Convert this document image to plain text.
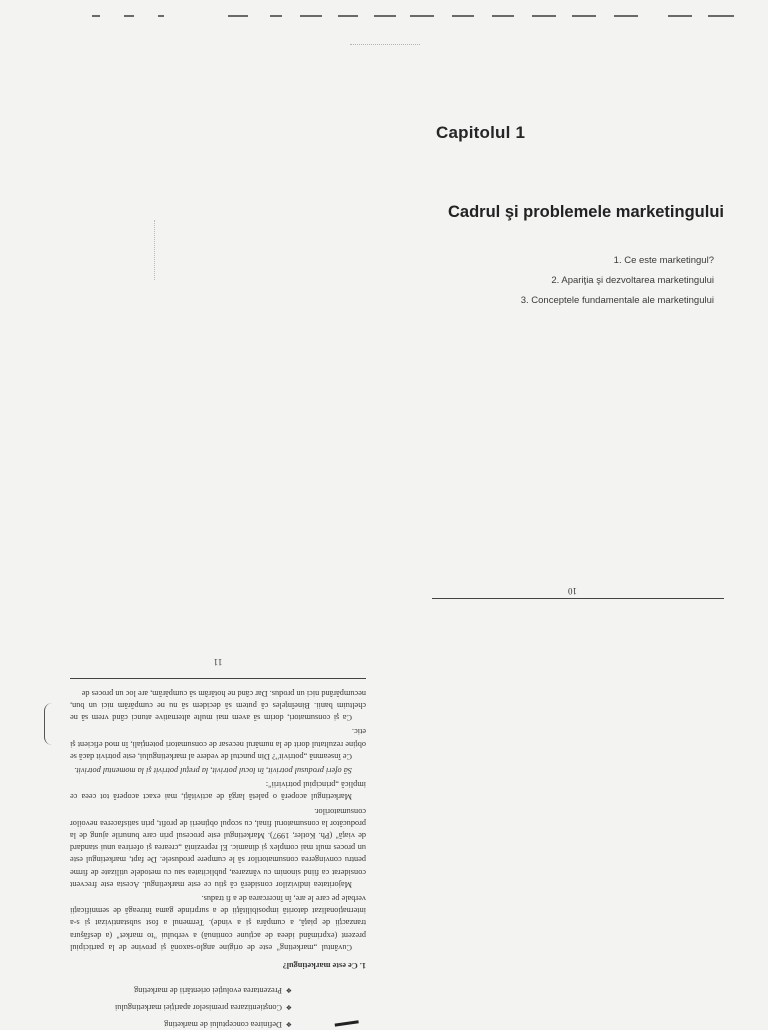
Capitolul 1
Cadrul şi problemele marketingului
1. Ce este marketingul?
2. Apariţia şi dezvoltarea marketingului
3. Conceptele fundamentale ale marketingului
10
❖ Definirea conceptului de marketing
❖ Conştientizarea premiselor apariţiei marketingului
❖ Prezentarea evoluţiei orientării de marketing
1. Ce este marketingul?

Cuvântul „marketing" este de origine anglo-saxonă şi provine de la participiul prezent (exprimând ideea de acţiune continuă) a verbului "to market" (a desfăşura tranzacţii de piaţă, a cumpăra şi a vinde). Termenul a fost substantivizat şi s-a internaţionalizat datorită imposibilităţii de a surprinde gama întreagă de semnificaţii verbale pe care le are, în încercarea de a fi tradus.

Majoritatea indivizilor consideră că ştiu ce este marketingul. Acesta este frecvent considerat ca fiind sinonim cu vânzarea, publicitatea sau cu metodele utilizate de firme pentru convingerea consumatorilor să le cumpere produsele. De fapt, marketingul este un proces mult mai complex şi dinamic. El reprezintă „crearea şi oferirea unui standard de viaţă" (Ph. Kotler, 1997). Marketingul este procesul prin care bunurile ajung de la producător la consumatorul final, cu scopul obţinerii de profit, prin satisfacerea nevoilor consumatorilor.

Marketingul acoperă o paletă largă de activităţi, mai exact acoperă tot ceea ce implică „principiul potrivirii":

Să oferi produsul potrivit, în locul potrivit, la preţul potrivit şi la momentul potrivit.

Ce înseamnă „potrivit"? Din punctul de vedere al marketingului, este potrivit dacă se obţine rezultatul dorit de la numărul necesar de consumatori potenţiali, în mod eficient şi etic.

Ca şi consumatori, dorim să avem mai multe alternative atunci când vrem să ne cheltuim banii. Bineînţeles că putem să decidem să nu ne cumpărăm nici un bun, necumpărând nici un produs. Dar când ne hotărâm să cumpărăm, are loc un proces de

11
